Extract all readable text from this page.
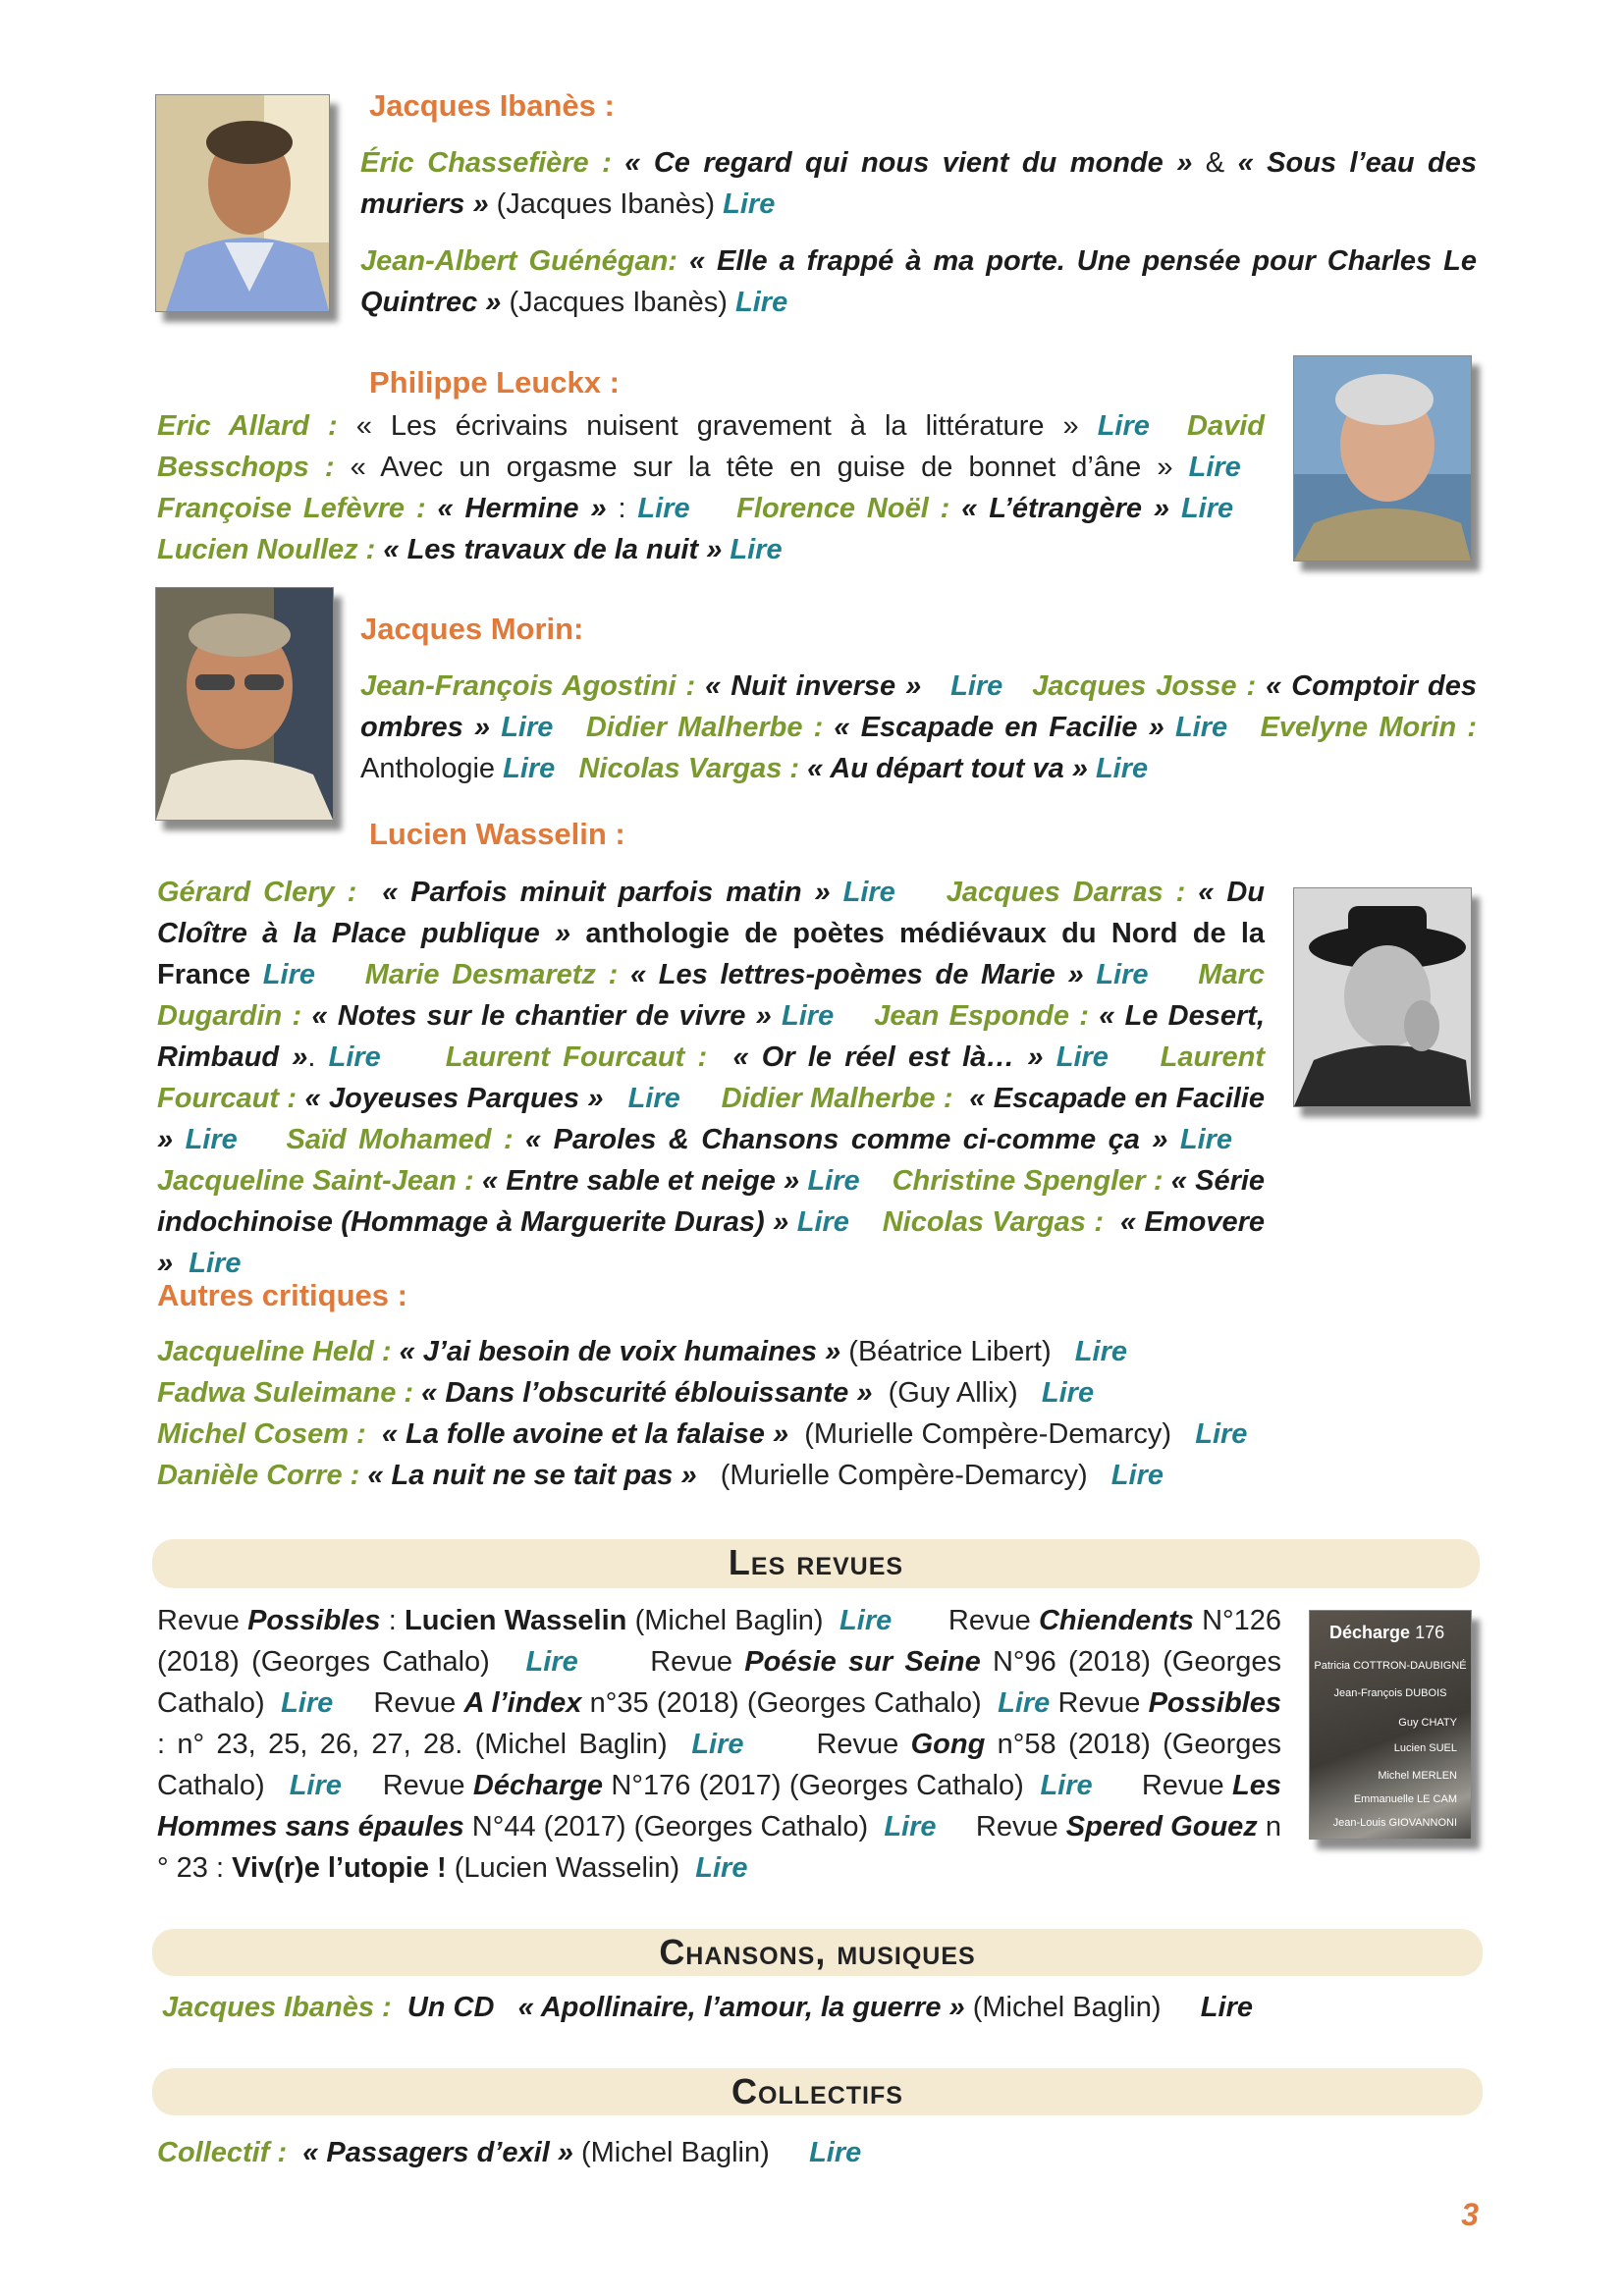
Jacques Ibanès :

Éric Chassefière : « Ce regard qui nous vient du monde » & « Sous l’eau des muriers » (Jacques Ibanès) Lire

Jean-Albert Guénégan: « Elle a frappé à ma porte. Une pensée pour Charles Le Quintrec » (Jacques Ibanès) Lire

Philippe Leuckx :

Eric Allard : « Les écrivains nuisent gravement à la littérature » Lire David Besschops : « Avec un orgasme sur la tête en guise de bonnet d’âne » Lire   Françoise Lefèvre : « Hermine » : Lire Florence Noël : « L’étrangère » Lire    Lucien Noullez : « Les travaux de la nuit » Lire

Jacques Morin:

Jean-François Agostini : « Nuit inverse » Lire Jacques Josse : « Comptoir des ombres » Lire Didier Malherbe : « Escapade en Facilie » Lire Evelyne Morin : Anthologie Lire Nicolas Vargas : « Au départ tout va » Lire

Lucien Wasselin :

Gérard Clery : « Parfois minuit parfois matin » Lire Jacques Darras : « Du Cloître à la Place publique » anthologie de poètes médiévaux du Nord de la France Lire Marie Desmaretz : « Les lettres-poèmes de Marie » Lire Marc Dugardin : « Notes sur le chantier de vivre » Lire Jean Esponde : « Le Desert, Rimbaud ». Lire Laurent Fourcaut : « Or le réel est là… » Lire Laurent Fourcaut : « Joyeuses Parques » Lire Didier Malherbe : « Escapade en Facilie » Lire Saïd Mohamed : « Paroles & Chansons comme ci-comme ça » Lire    Jacqueline Saint-Jean : « Entre sable et neige » Lire Christine Spengler : « Série indochinoise (Hommage à Marguerite Duras) » Lire Nicolas Vargas : « Emovere » Lire

Autres critiques :

Jacqueline Held : « J’ai besoin de voix humaines » (Béatrice Libert)   Lire

Fadwa Suleimane : « Dans l’obscurité éblouissante »  (Guy Allix)   Lire

Michel Cosem : « La folle avoine et la falaise »  (Murielle Compère-Demarcy)   Lire

Danièle Corre : « La nuit ne se tait pas »   (Murielle Compère-Demarcy)   Lire

Les revues
Décharge 176
Patricia COTTRON-DAUBIGNÉ
Jean-François DUBOIS
Guy CHATY
Lucien SUEL
Michel MERLEN
Emmanuelle LE CAM
Jean-Louis GIOVANNONI

Revue Possibles : Lucien Wasselin (Michel Baglin)  Lire Revue Chiendents N°126 (2018) (Georges Cathalo)   Lire	Revue Poésie sur Seine N°96 (2018) (Georges Cathalo)  Lire Revue A l’index n°35 (2018) (Georges Cathalo)  Lire Revue Possibles : n° 23, 25, 26, 27, 28. (Michel Baglin)  Lire	Revue Gong n°58 (2018) (Georges Cathalo)   Lire Revue Décharge N°176 (2017) (Georges Cathalo)  Lire Revue Les Hommes sans épaules N°44 (2017) (Georges Cathalo)  Lire Revue Spered Gouez n ° 23 : Viv(r)e l’utopie ! (Lucien Wasselin)  Lire

Chansons, musiques

Jacques Ibanès : Un CD « Apollinaire, l’amour, la guerre » (Michel Baglin)     Lire

Collectifs

Collectif : « Passagers d’exil » (Michel Baglin)     Lire

3
